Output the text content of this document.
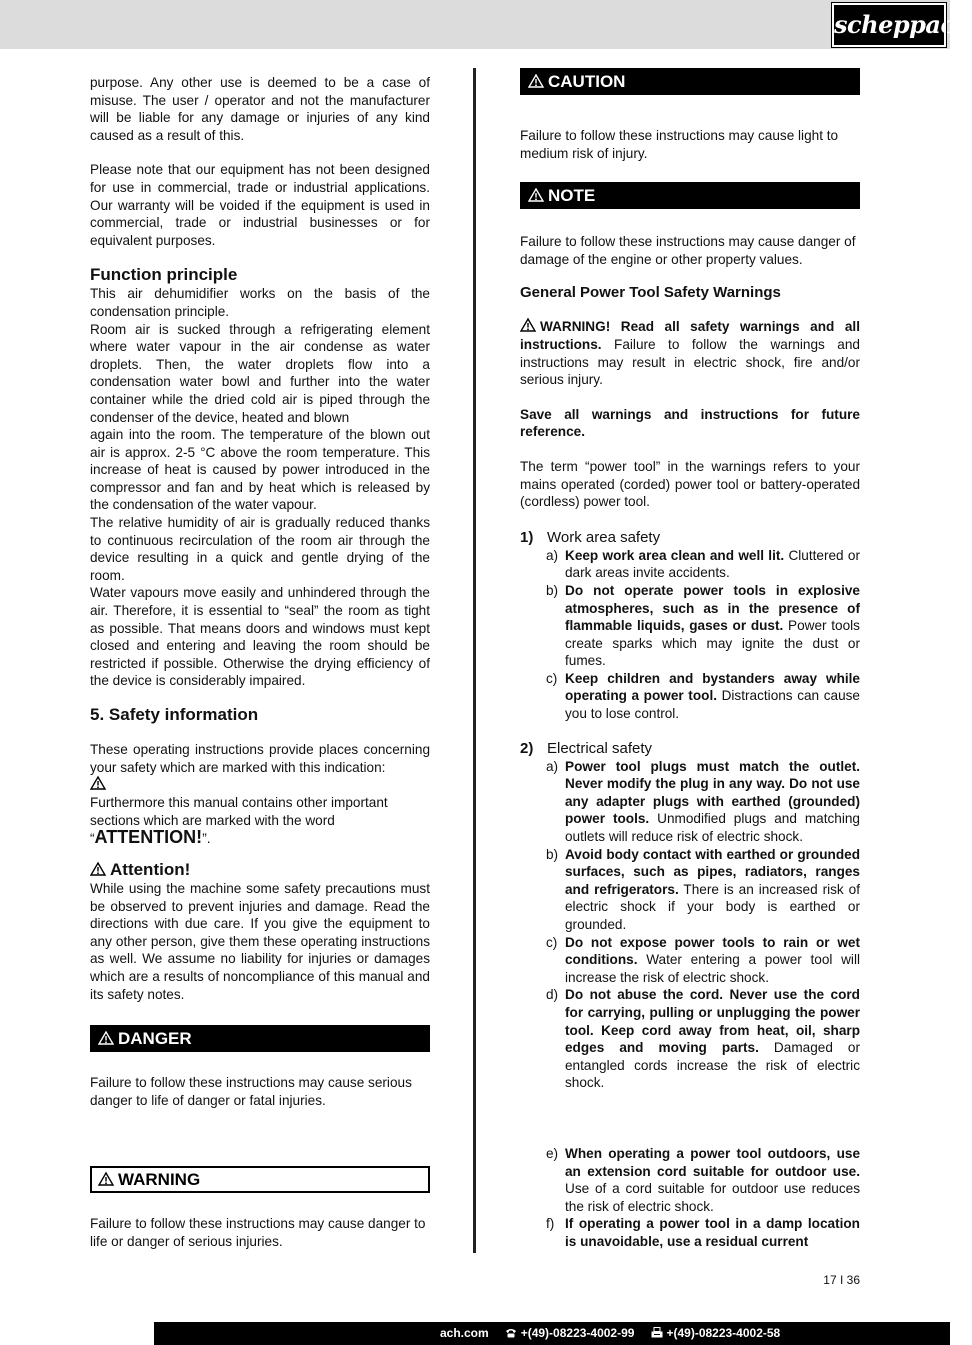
scheppach

purpose. Any other use is deemed to be a case of misuse. The user / operator and not the manufacturer will be liable for any damage or injuries of any kind caused as a result of this.

Please note that our equipment has not been designed for use in commercial, trade or industrial applications. Our warranty will be voided if the equipment is used in commercial, trade or industrial businesses or for equivalent purposes.

Function principle

This air dehumidifier works on the basis of the condensation principle.

Room air is sucked through a refrigerating element where water vapour in the air condense as water droplets. Then, the water droplets flow into a condensation water bowl and further into the water container while the dried cold air is piped through the condenser of the device, heated and blown

again into the room. The temperature of the blown out air is approx. 2-5 °C above the room temperature. This increase of heat is caused by power introduced in the compressor and fan and by heat which is released by the condensation of the water vapour.

The relative humidity of air is gradually reduced thanks to continuous recirculation of the room air through the device resulting in a quick and gentle drying of the room.

Water vapours move easily and unhindered through the air. Therefore, it is essential to “seal” the room as tight as possible. That means doors and windows must kept closed and entering and leaving the room should be restricted if possible. Otherwise the drying efficiency of the device is considerably impaired.

5. Safety information

These operating instructions provide places concerning your safety which are marked with this indication:

Furthermore this manual contains other important sections which are marked with the word
“ATTENTION!”.

Attention!

While using the machine some safety precautions must be observed to prevent injuries and damage. Read the directions with due care. If you give the equipment to any other person, give them these operating instructions as well. We assume no liability for injuries or damages which are a results of noncompliance of this manual and its safety notes.

DANGER

Failure to follow these instructions may cause serious danger to life of danger or fatal injuries.

WARNING

Failure to follow these instructions may cause danger to life or danger of serious injuries.

CAUTION

Failure to follow these instructions may cause light to medium risk of injury.

NOTE

Failure to follow these instructions may cause danger of damage of the engine or other property values.

General Power Tool Safety Warnings

WARNING! Read all safety warnings and all instructions. Failure to follow the warnings and instructions may result in electric shock, fire and/or serious injury.

Save all warnings and instructions for future reference.

The term “power tool” in the warnings refers to your mains operated (corded) power tool or battery-operated (cordless) power tool.

1) Work area safety
a) Keep work area clean and well lit. Cluttered or dark areas invite accidents.
b) Do not operate power tools in explosive atmospheres, such as in the presence of flammable liquids, gases or dust. Power tools create sparks which may ignite the dust or fumes.
c) Keep children and bystanders away while operating a power tool. Distractions can cause you to lose control.
2) Electrical safety
a) Power tool plugs must match the outlet. Never modify the plug in any way. Do not use any adapter plugs with earthed (grounded) power tools. Unmodified plugs and matching outlets will reduce risk of electric shock.
b) Avoid body contact with earthed or grounded surfaces, such as pipes, radiators, ranges and refrigerators. There is an increased risk of electric shock if your body is earthed or grounded.
c) Do not expose power tools to rain or wet conditions. Water entering a power tool will increase the risk of electric shock.
d) Do not abuse the cord. Never use the cord for carrying, pulling or unplugging the power tool. Keep cord away from heat, oil, sharp edges and moving parts. Damaged or entangled cords increase the risk of electric shock.
e) When operating a power tool outdoors, use an extension cord suitable for outdoor use. Use of a cord suitable for outdoor use reduces the risk of electric shock.
f) If operating a power tool in a damp location is unavoidable, use a residual current
17 I 36
ach.com	+(49)-08223-4002-99	+(49)-08223-4002-58
